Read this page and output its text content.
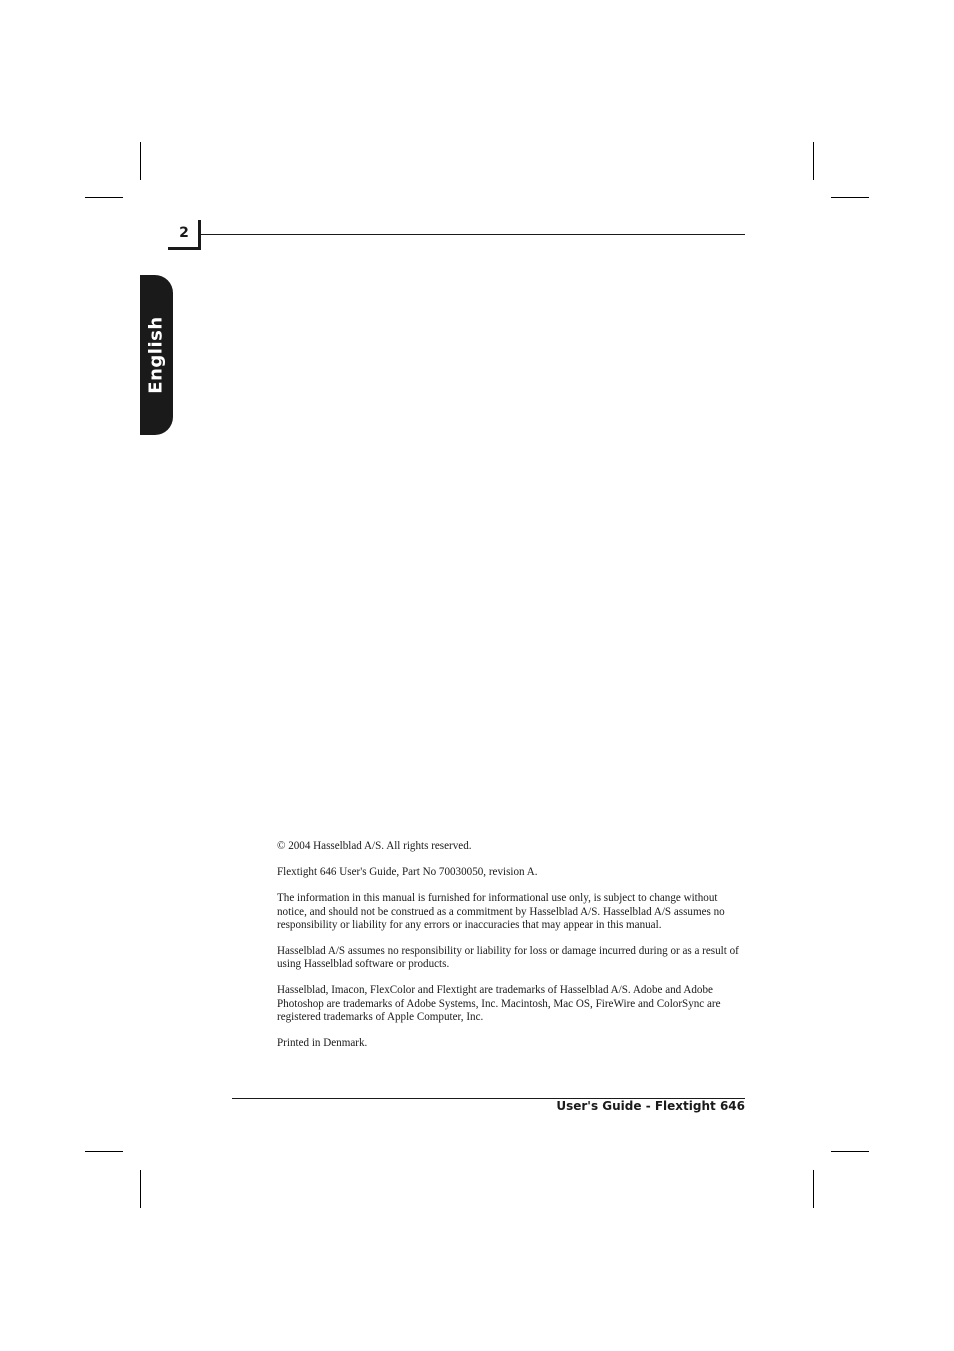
2
English

© 2004 Hasselblad A/S. All rights reserved.

Flextight 646 User's Guide, Part No 70030050, revision A.

The information in this manual is furnished for informational use only, is subject to change without notice, and should not be construed as a commitment by Hasselblad A/S. Hasselblad A/S assumes no responsibility or liability for any errors or inaccuracies that may appear in this manual.

Hasselblad A/S assumes no responsibility or liability for loss or damage incurred during or as a result of using Hasselblad software or products.

Hasselblad, Imacon, FlexColor and Flextight are trademarks of Hasselblad A/S. Adobe and Adobe Photoshop are trademarks of Adobe Systems, Inc. Macintosh, Mac OS, FireWire and ColorSync are registered trademarks of Apple Computer, Inc.

Printed in Denmark.

User's Guide - Flextight 646
